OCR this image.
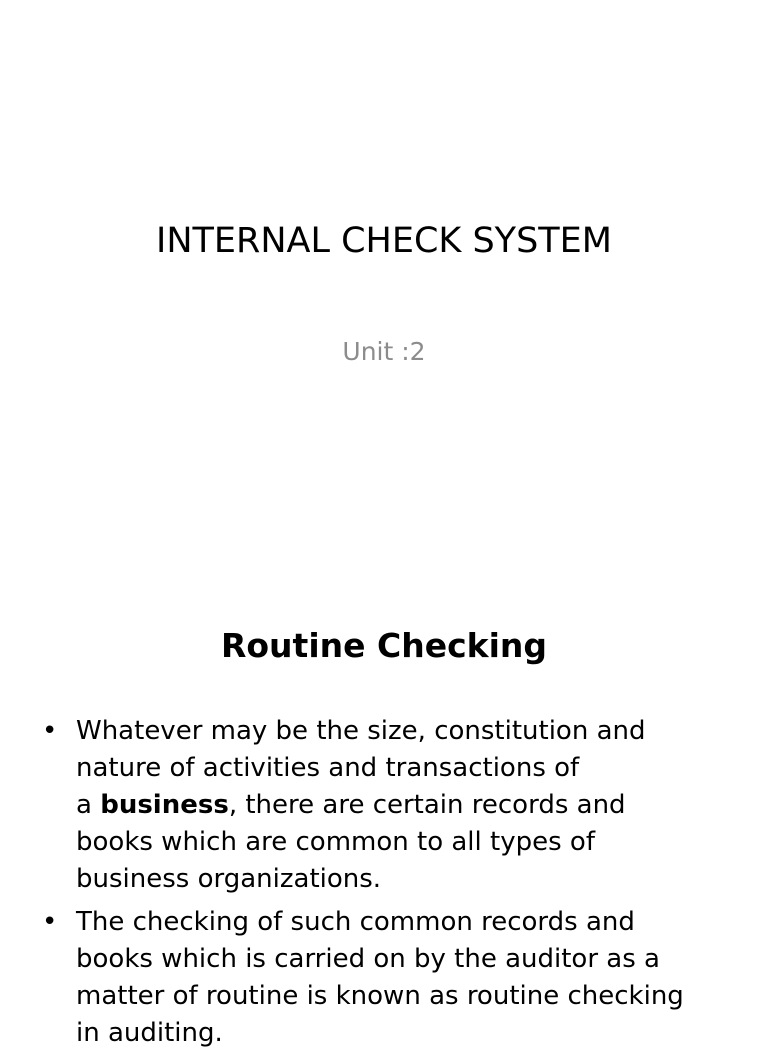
INTERNAL CHECK SYSTEM
Unit :2
Routine Checking
• Whatever may be the size, constitution and
nature of activities and transactions of
a business, there are certain records and
books which are common to all types of
business organizations.
• The checking of such common records and
books which is carried on by the auditor as a
matter of routine is known as routine checking
in auditing.
